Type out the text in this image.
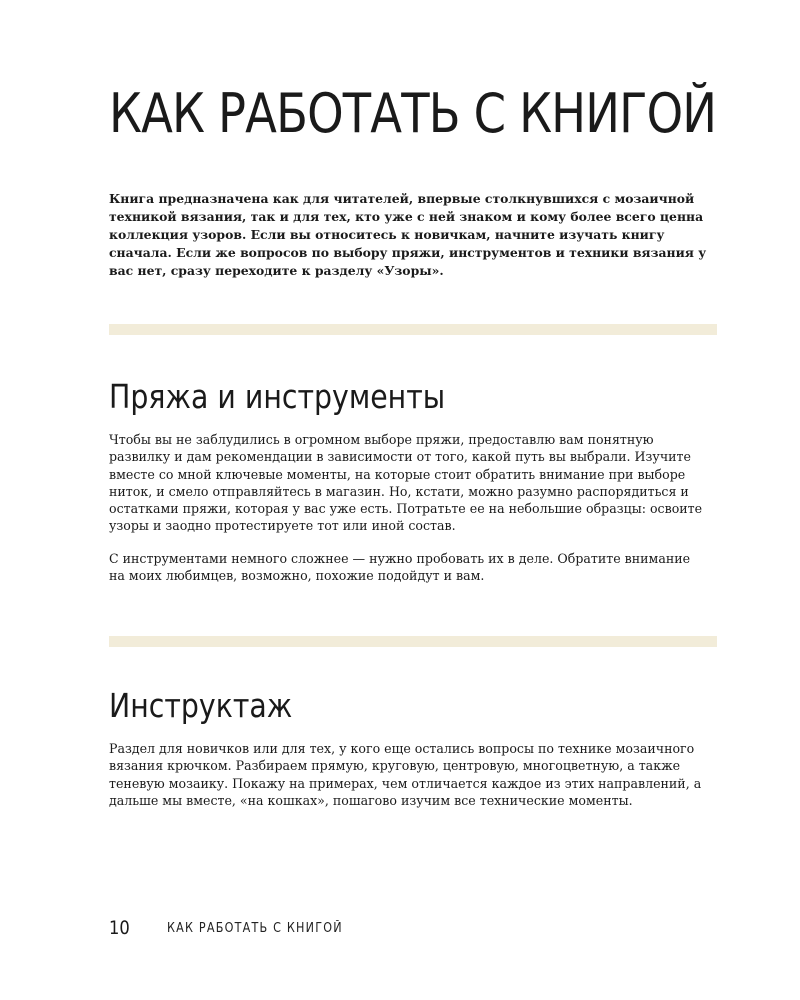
КАК РАБОТАТЬ С КНИГОЙ

Книга предназначена как для читателей, впервые столкнувшихся с мозаичной техникой вязания, так и для тех, кто уже с ней знаком и кому более всего ценна коллекция узоров. Если вы относитесь к новичкам, начните изучать книгу сначала. Если же вопросов по выбору пряжи, инструментов и техники вязания у вас нет, сразу переходите к разделу «Узоры».

Пряжа и инструменты

Чтобы вы не заблудились в огромном выборе пряжи, предоставлю вам понятную развилку и дам рекомендации в зависимости от того, какой путь вы выбрали. Изучите вместе со мной ключевые моменты, на которые стоит обратить внимание при выборе ниток, и смело отправляйтесь в магазин. Но, кстати, можно разумно распорядиться и остатками пряжи, которая у вас уже есть. Потратьте ее на небольшие образцы: освоите узоры и заодно протестируете тот или иной состав.

С инструментами немного сложнее — нужно пробовать их в деле. Обратите внимание на моих любимцев, возможно, похожие подойдут и вам.

Инструктаж

Раздел для новичков или для тех, у кого еще остались вопросы по технике мозаичного вязания крючком. Разбираем прямую, круговую, центровую, многоцветную, а также теневую мозаику. Покажу на примерах, чем отличается каждое из этих направлений, а дальше мы вместе, «на кошках», пошагово изучим все технические моменты.

10	КАК РАБОТАТЬ С КНИГОЙ
